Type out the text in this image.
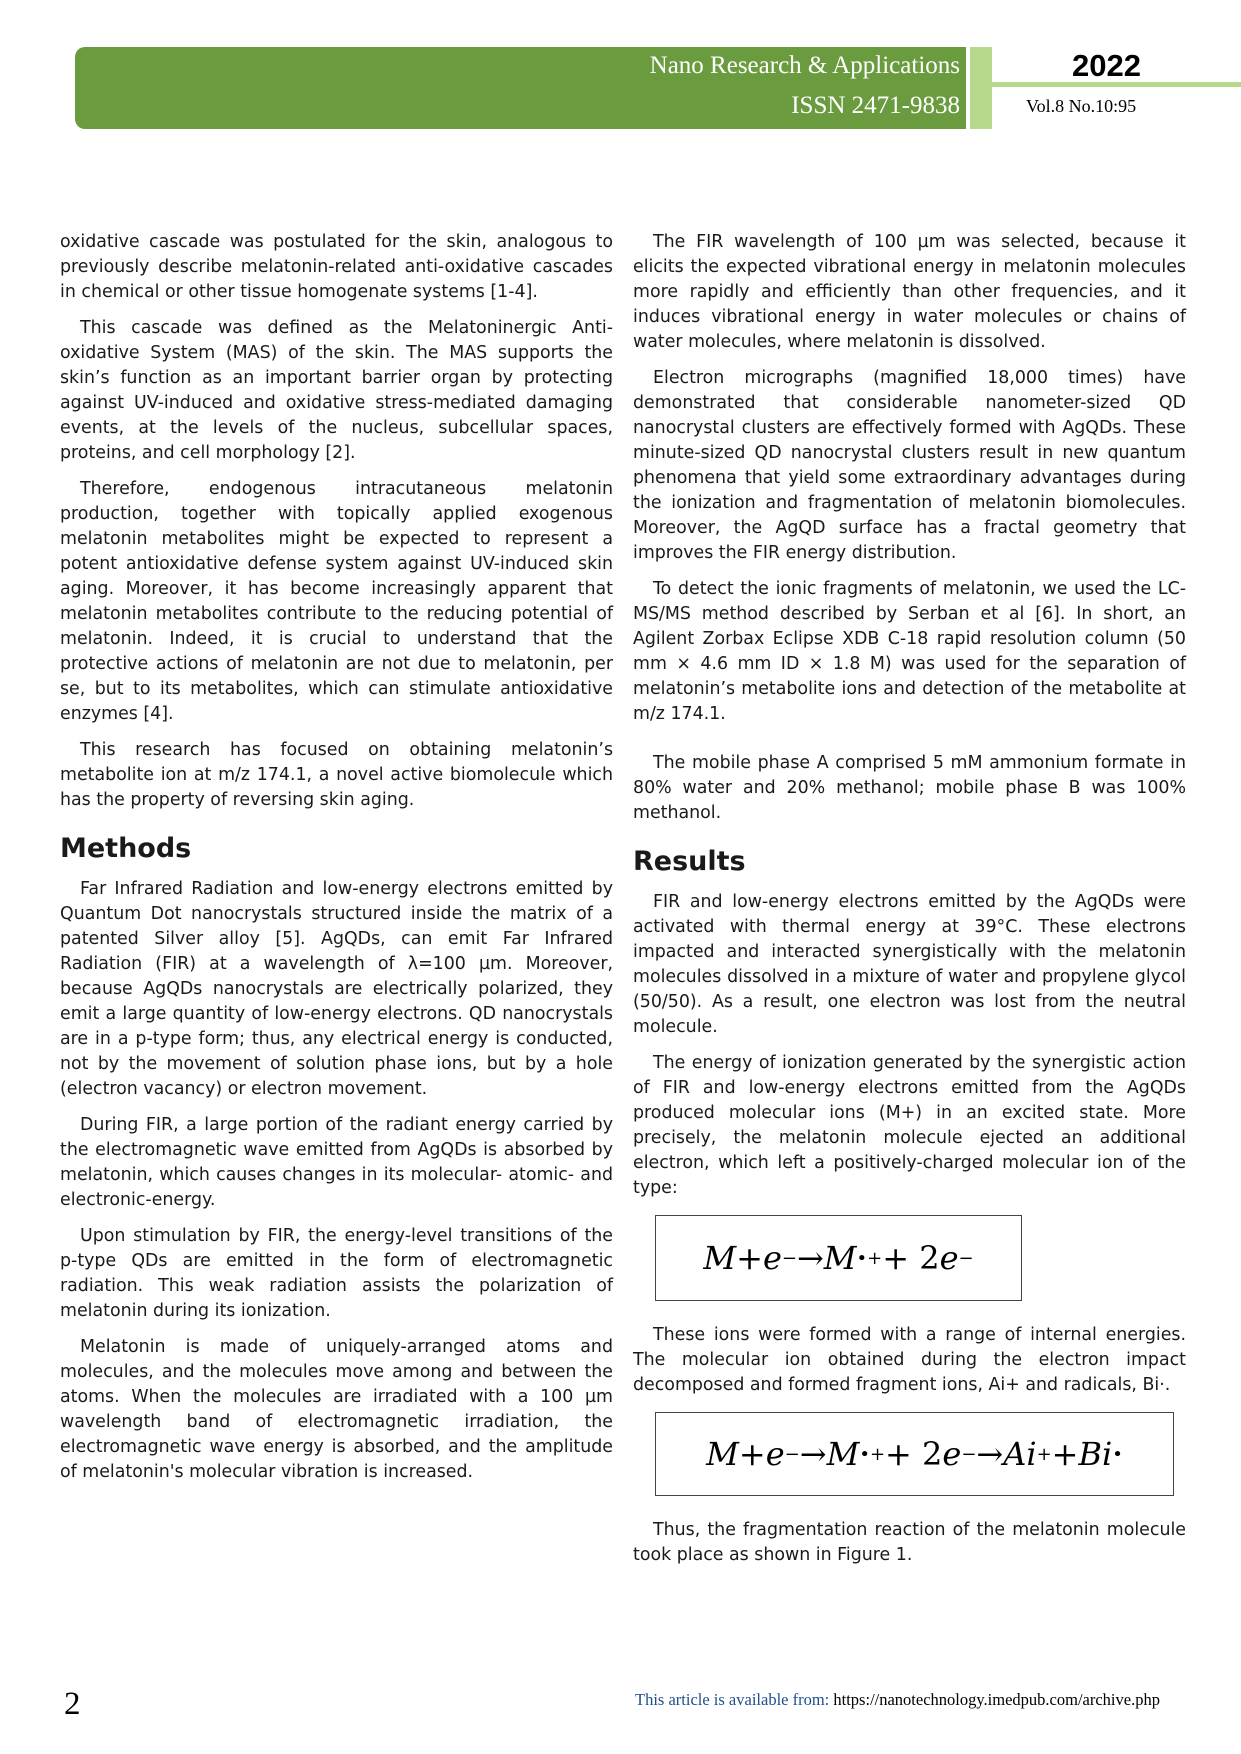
Nano Research & Applications
ISSN 2471-9838
2022
Vol.8 No.10:95

oxidative cascade was postulated for the skin, analogous to previously describe melatonin-related anti-oxidative cascades in chemical or other tissue homogenate systems [1-4].

This cascade was defined as the Melatoninergic Anti-oxidative System (MAS) of the skin. The MAS supports the skin’s function as an important barrier organ by protecting against UV-induced and oxidative stress-mediated damaging events, at the levels of the nucleus, subcellular spaces, proteins, and cell morphology [2].

Therefore, endogenous intracutaneous melatonin production, together with topically applied exogenous melatonin metabolites might be expected to represent a potent antioxidative defense system against UV-induced skin aging. Moreover, it has become increasingly apparent that melatonin metabolites contribute to the reducing potential of melatonin. Indeed, it is crucial to understand that the protective actions of melatonin are not due to melatonin, per se, but to its metabolites, which can stimulate antioxidative enzymes [4].

This research has focused on obtaining melatonin’s metabolite ion at m/z 174.1, a novel active biomolecule which has the property of reversing skin aging.

Methods

Far Infrared Radiation and low-energy electrons emitted by Quantum Dot nanocrystals structured inside the matrix of a patented Silver alloy [5]. AgQDs, can emit Far Infrared Radiation (FIR) at a wavelength of λ=100 µm. Moreover, because AgQDs nanocrystals are electrically polarized, they emit a large quantity of low-energy electrons. QD nanocrystals are in a p-type form; thus, any electrical energy is conducted, not by the movement of solution phase ions, but by a hole (electron vacancy) or electron movement.

During FIR, a large portion of the radiant energy carried by the electromagnetic wave emitted from AgQDs is absorbed by melatonin, which causes changes in its molecular- atomic- and electronic-energy.

Upon stimulation by FIR, the energy-level transitions of the p-type QDs are emitted in the form of electromagnetic radiation. This weak radiation assists the polarization of melatonin during its ionization.

Melatonin is made of uniquely-arranged atoms and molecules, and the molecules move among and between the atoms. When the molecules are irradiated with a 100 µm wavelength band of electromagnetic irradiation, the electromagnetic wave energy is absorbed, and the amplitude of melatonin's molecular vibration is increased.

The FIR wavelength of 100 µm was selected, because it elicits the expected vibrational energy in melatonin molecules more rapidly and efficiently than other frequencies, and it induces vibrational energy in water molecules or chains of water molecules, where melatonin is dissolved.

Electron micrographs (magnified 18,000 times) have demonstrated that considerable nanometer-sized QD nanocrystal clusters are effectively formed with AgQDs. These minute-sized QD nanocrystal clusters result in new quantum phenomena that yield some extraordinary advantages during the ionization and fragmentation of melatonin biomolecules. Moreover, the AgQD surface has a fractal geometry that improves the FIR energy distribution.

To detect the ionic fragments of melatonin, we used the LC-MS/MS method described by Serban et al [6]. In short, an Agilent Zorbax Eclipse XDB C-18 rapid resolution column (50 mm × 4.6 mm ID × 1.8 M) was used for the separation of melatonin’s metabolite ions and detection of the metabolite at m/z 174.1.

The mobile phase A comprised 5 mM ammonium formate in 80% water and 20% methanol; mobile phase B was 100% methanol.

Results

FIR and low-energy electrons emitted by the AgQDs were activated with thermal energy at 39°C. These electrons impacted and interacted synergistically with the melatonin molecules dissolved in a mixture of water and propylene glycol (50/50). As a result, one electron was lost from the neutral molecule.

The energy of ionization generated by the synergistic action of FIR and low-energy electrons emitted from the AgQDs produced molecular ions (M+) in an excited state. More precisely, the melatonin molecule ejected an additional electron, which left a positively-charged molecular ion of the type:

M + e − → M •+ + 2 e −

These ions were formed with a range of internal energies. The molecular ion obtained during the electron impact decomposed and formed fragment ions, Ai+ and radicals, Bi·.

M + e − → M •+ + 2 e − → Ai + + Bi •

Thus, the fragmentation reaction of the melatonin molecule took place as shown in Figure 1.

2	This article is available from: https://nanotechnology.imedpub.com/archive.php
